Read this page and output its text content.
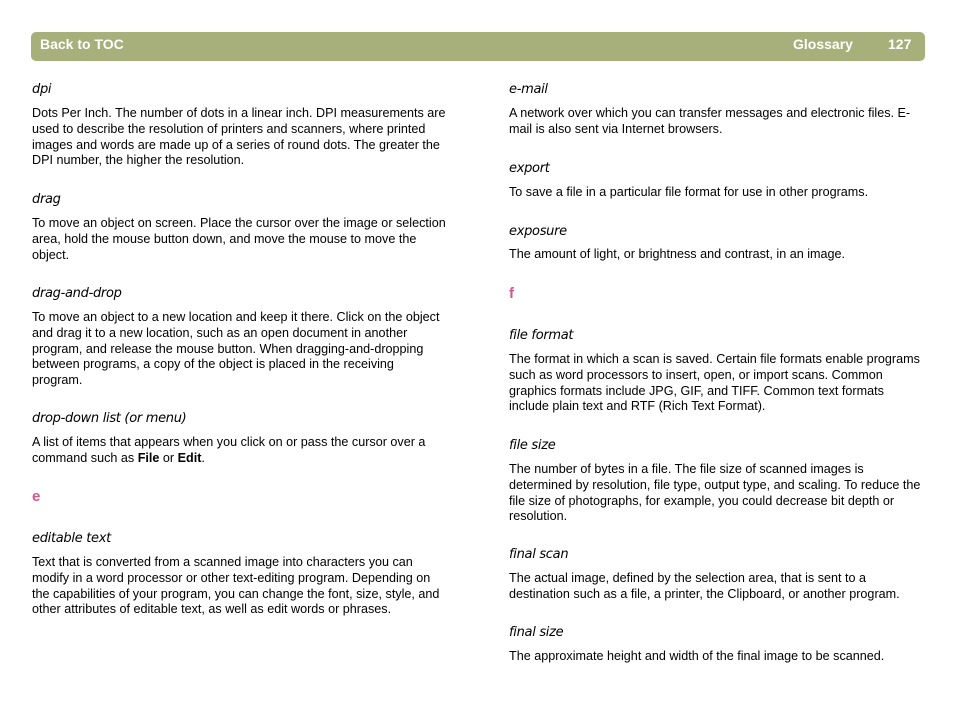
Back to TOC	Glossary	127
dpi
Dots Per Inch. The number of dots in a linear inch. DPI measurements are used to describe the resolution of printers and scanners, where printed images and words are made up of a series of round dots. The greater the DPI number, the higher the resolution.
drag
To move an object on screen. Place the cursor over the image or selection area, hold the mouse button down, and move the mouse to move the object.
drag-and-drop
To move an object to a new location and keep it there. Click on the object and drag it to a new location, such as an open document in another program, and release the mouse button. When dragging-and-dropping between programs, a copy of the object is placed in the receiving program.
drop-down list (or menu)
A list of items that appears when you click on or pass the cursor over a command such as File or Edit.
e
editable text
Text that is converted from a scanned image into characters you can modify in a word processor or other text-editing program. Depending on the capabilities of your program, you can change the font, size, style, and other attributes of editable text, as well as edit words or phrases.
e-mail
A network over which you can transfer messages and electronic files. E-mail is also sent via Internet browsers.
export
To save a file in a particular file format for use in other programs.
exposure
The amount of light, or brightness and contrast, in an image.
f
file format
The format in which a scan is saved. Certain file formats enable programs such as word processors to insert, open, or import scans. Common graphics formats include JPG, GIF, and TIFF. Common text formats include plain text and RTF (Rich Text Format).
file size
The number of bytes in a file. The file size of scanned images is determined by resolution, file type, output type, and scaling. To reduce the file size of photographs, for example, you could decrease bit depth or resolution.
final scan
The actual image, defined by the selection area, that is sent to a destination such as a file, a printer, the Clipboard, or another program.
final size
The approximate height and width of the final image to be scanned.
